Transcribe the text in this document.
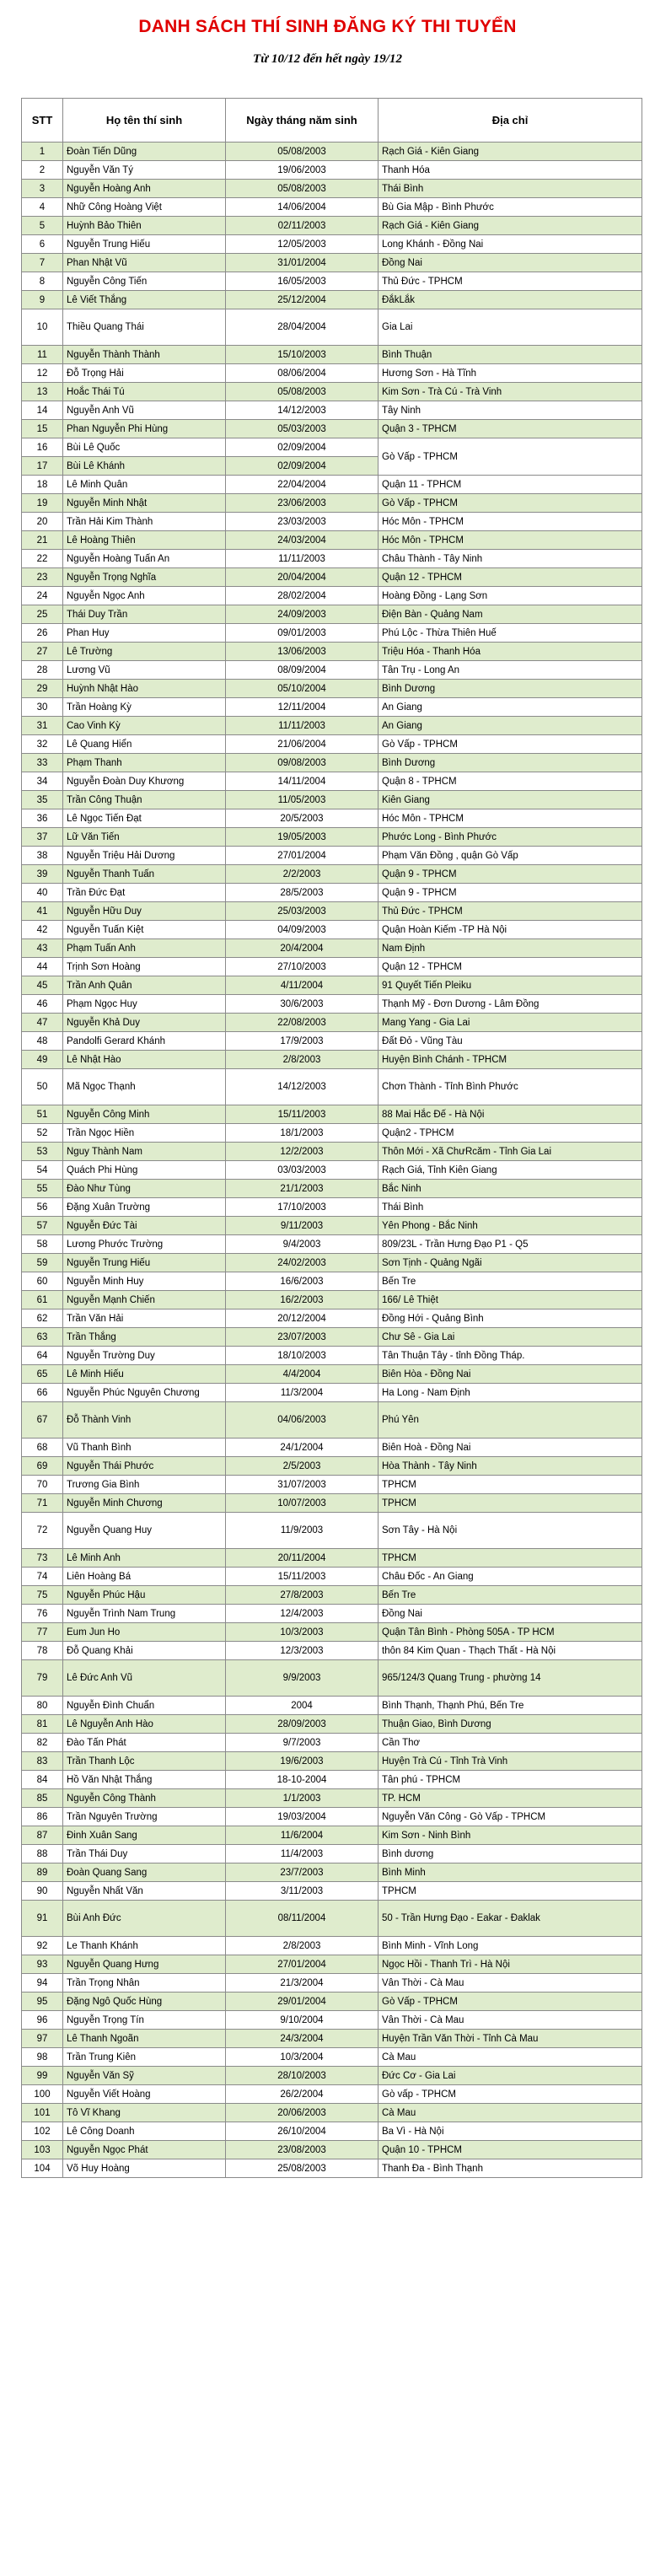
DANH SÁCH THÍ SINH ĐĂNG KÝ THI TUYỂN
Từ 10/12 đến hết ngày 19/12
STT	Họ tên thí sinh	Ngày tháng năm sinh	Địa chỉ
1	Đoàn Tiến Dũng	05/08/2003	Rạch Giá - Kiên Giang
2	Nguyễn Văn Tý	19/06/2003	Thanh Hóa
3	Nguyễn Hoàng Anh	05/08/2003	Thái Bình
4	Nhữ Công Hoàng Việt	14/06/2004	Bù Gia Mập - Bình Phước
5	Huỳnh Bảo Thiên	02/11/2003	Rạch Giá - Kiên Giang
6	Nguyễn Trung Hiếu	12/05/2003	Long Khánh - Đồng Nai
7	Phan Nhật Vũ	31/01/2004	Đồng Nai
8	Nguyễn Công Tiến	16/05/2003	Thủ Đức - TPHCM
9	Lê Viết Thắng	25/12/2004	ĐắkLắk
10	Thiều Quang Thái	28/04/2004	Gia Lai
11	Nguyễn Thành Thành	15/10/2003	Bình Thuận
12	Đỗ Trọng Hải	08/06/2004	Hương Sơn - Hà Tĩnh
13	Hoắc Thái Tú	05/08/2003	Kim Sơn - Trà Cú - Trà Vinh
14	Nguyễn Anh Vũ	14/12/2003	Tây Ninh
15	Phan Nguyễn Phi Hùng	05/03/2003	Quận 3 - TPHCM
16	Bùi Lê Quốc	02/09/2004	Gò Vấp - TPHCM
17	Bùi Lê Khánh	02/09/2004	
18	Lê Minh Quân	22/04/2004	Quận 11 - TPHCM
19	Nguyễn Minh Nhật	23/06/2003	Gò Vấp - TPHCM
20	Trần Hải Kim Thành	23/03/2003	Hóc Môn - TPHCM
21	Lê Hoàng Thiên	24/03/2004	Hóc Môn - TPHCM
22	Nguyễn Hoàng Tuấn An	11/11/2003	Châu Thành - Tây Ninh
23	Nguyễn Trọng Nghĩa	20/04/2004	Quận 12 - TPHCM
24	Nguyễn Ngọc Anh	28/02/2004	Hoàng Đồng - Lạng Sơn
25	Thái Duy Trần	24/09/2003	Điện Bàn - Quảng Nam
26	Phan Huy	09/01/2003	Phú Lộc - Thừa Thiên Huế
27	Lê Trường	13/06/2003	Triệu Hóa - Thanh Hóa
28	Lương Vũ	08/09/2004	Tân Trụ - Long An
29	Huỳnh Nhật Hào	05/10/2004	Bình Dương
30	Trần Hoàng Kỳ	12/11/2004	An Giang
31	Cao Vinh Kỳ	11/11/2003	An Giang
32	Lê Quang Hiển	21/06/2004	Gò Vấp - TPHCM
33	Phạm Thanh	09/08/2003	Bình Dương
34	Nguyễn Đoàn Duy Khương	14/11/2004	Quận 8 - TPHCM
35	Trần Công Thuận	11/05/2003	Kiên Giang
36	Lê Ngọc Tiến Đạt	20/5/2003	Hóc Môn - TPHCM
37	Lữ Văn Tiến	19/05/2003	Phước Long - Bình Phước
38	Nguyễn Triệu Hải Dương	27/01/2004	Phạm Văn Đồng , quận Gò Vấp
39	Nguyễn Thanh Tuấn	2/2/2003	Quận 9 - TPHCM
40	Trần Đức Đạt	28/5/2003	Quận 9 - TPHCM
41	Nguyễn Hữu Duy	25/03/2003	Thủ Đức - TPHCM
42	Nguyễn Tuấn Kiệt	04/09/2003	Quận Hoàn Kiếm -TP Hà Nội
43	Phạm Tuấn Anh	20/4/2004	Nam Định
44	Trịnh Sơn Hoàng	27/10/2003	Quận 12 - TPHCM
45	Trần Anh Quân	4/11/2004	91 Quyết Tiến Pleiku
46	Phạm Ngọc Huy	30/6/2003	Thạnh Mỹ - Đơn Dương - Lâm Đồng
47	Nguyễn Khả Duy	22/08/2003	Mang Yang - Gia Lai
48	Pandolfi Gerard Khánh	17/9/2003	Đất Đỏ - Vũng Tàu
49	Lê Nhật Hào	2/8/2003	Huyện Bình Chánh - TPHCM
50	Mã Ngọc Thạnh	14/12/2003	Chơn Thành - Tỉnh Bình Phước
51	Nguyễn Công Minh	15/11/2003	88 Mai Hắc Đế - Hà Nội
52	Trần Ngọc Hiền	18/1/2003	Quận2 - TPHCM
53	Nguy Thành Nam	12/2/2003	Thôn Mới - Xã ChưRcăm - Tỉnh Gia Lai
54	Quách Phi Hùng	03/03/2003	Rạch Giá, Tỉnh Kiên Giang
55	Đào Như Tùng	21/1/2003	Bắc Ninh
56	Đặng Xuân Trường	17/10/2003	Thái Bình
57	Nguyễn Đức Tài	9/11/2003	Yên Phong - Bắc Ninh
58	Lương Phước Trường	9/4/2003	809/23L - Trần Hưng Đạo P1 - Q5
59	Nguyễn Trung Hiếu	24/02/2003	Sơn Tịnh - Quảng Ngãi
60	Nguyễn Minh Huy	16/6/2003	Bến Tre
61	Nguyễn Mạnh Chiến	16/2/2003	166/ Lê Thiệt
62	Trần Văn Hải	20/12/2004	Đồng Hới - Quảng Bình
63	Trần Thắng	23/07/2003	Chư Sê - Gia Lai
64	Nguyễn Trường Duy	18/10/2003	Tân Thuận Tây - tỉnh Đồng Tháp.
65	Lê Minh Hiếu	4/4/2004	Biên Hòa - Đồng Nai
66	Nguyễn Phúc Nguyên Chương	11/3/2004	Ha Long - Nam Định
67	Đỗ Thành Vinh	04/06/2003	Phú Yên
68	Vũ Thanh Bình	24/1/2004	Biên Hoà - Đồng Nai
69	Nguyễn Thái Phước	2/5/2003	Hòa Thành - Tây Ninh
70	Trương Gia Bình	31/07/2003	TPHCM
71	Nguyễn Minh Chương	10/07/2003	TPHCM
72	Nguyễn Quang Huy	11/9/2003	Sơn Tây - Hà Nội
73	Lê Minh Anh	20/11/2004	TPHCM
74	Liên Hoàng Bá	15/11/2003	Châu Đốc - An Giang
75	Nguyễn Phúc Hậu	27/8/2003	Bến Tre
76	Nguyễn Trình Nam Trung	12/4/2003	Đồng Nai
77	Eum Jun Ho	10/3/2003	Quận Tân Bình - Phòng 505A - TP HCM
78	Đỗ Quang Khải	12/3/2003	thôn 84 Kim Quan - Thạch Thất - Hà Nội
79	Lê Đức Anh Vũ	9/9/2003	965/124/3 Quang Trung - phường 14
80	Nguyễn Đình Chuẩn	2004	Bình Thạnh, Thạnh Phú, Bến Tre
81	Lê Nguyễn Anh Hào	28/09/2003	Thuận Giao, Bình Dương
82	Đào Tấn Phát	9/7/2003	Cần Thơ
83	Trần Thanh Lộc	19/6/2003	Huyện Trà Cú - Tỉnh Trà Vinh
84	Hồ Văn Nhật Thắng	18-10-2004	Tân phú - TPHCM
85	Nguyễn Công Thành	1/1/2003	TP. HCM
86	Trần Nguyên Trường	19/03/2004	Nguyễn Văn Công - Gò Vấp - TPHCM
87	Đinh Xuân Sang	11/6/2004	Kim Sơn - Ninh Bình
88	Trần Thái Duy	11/4/2003	Bình dương
89	Đoàn Quang Sang	23/7/2003	Bình Minh
90	Nguyễn Nhất Văn	3/11/2003	TPHCM
91	Bùi Anh Đức	08/11/2004	50 - Trần Hưng Đạo - Eakar - Đaklak
92	Le Thanh Khánh	2/8/2003	Bình Minh - Vĩnh Long
93	Nguyễn Quang Hưng	27/01/2004	Ngọc Hồi - Thanh Trì - Hà Nội
94	Trần Trọng Nhân	21/3/2004	Vân Thời - Cà Mau
95	Đặng Ngô Quốc Hùng	29/01/2004	Gò Vấp - TPHCM
96	Nguyễn Trọng Tín	9/10/2004	Vân Thời - Cà Mau
97	Lê Thanh Ngoãn	24/3/2004	Huyện Trần Văn Thời - Tỉnh Cà Mau
98	Trần Trung Kiên	10/3/2004	Cà Mau
99	Nguyễn Văn Sỹ	28/10/2003	Đức Cơ - Gia Lai
100	Nguyễn Viết Hoàng	26/2/2004	Gò vấp - TPHCM
101	Tô Vĩ Khang	20/06/2003	Cà Mau
102	Lê Công Doanh	26/10/2004	Ba Vì - Hà Nội
103	Nguyễn Ngọc Phát	23/08/2003	Quận 10 - TPHCM
104	Võ Huy Hoàng	25/08/2003	Thanh Đa - Bình Thạnh
